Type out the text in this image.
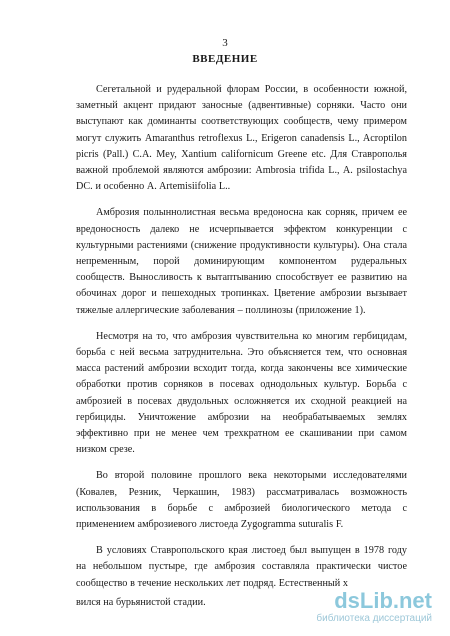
3
ВВЕДЕНИЕ

Сегетальной и рудеральной флорам России, в особенности южной, заметный акцент придают заносные (адвентивные) сорняки. Часто они выступают как доминанты соответствующих сообществ, чему примером могут служить Amaranthus retroflexus L., Erigeron canadensis L., Acroptilon picris (Pall.) C.A. Mey, Xantium californicum Greene etc. Для Ставрополья важной проблемой являются амброзии: Ambrosia trifida L., A. psilostachya DC. и особенно A. Artemisiifolia L..

Амброзия полыннолистная весьма вредоносна как сорняк, причем ее вредоносность далеко не исчерпывается эффектом конкуренции с культурными растениями (снижение продуктивности культуры). Она стала непременным, порой доминирующим компонентом рудеральных сообществ. Выносливость к вытаптыванию способствует ее развитию на обочинах дорог и пешеходных тропинках. Цветение амброзии вызывает тяжелые аллергические заболевания – поллинозы (приложение 1).

Несмотря на то, что амброзия чувствительна ко многим гербицидам, борьба с ней весьма затруднительна. Это объясняется тем, что основная масса растений амброзии всходит тогда, когда закончены все химические обработки против сорняков в посевах однодольных культур. Борьба с амброзией в посевах двудольных осложняется их сходной реакцией на гербициды. Уничтожение амброзии на необрабатываемых землях эффективно при не менее чем трехкратном ее скашивании при самом низком срезе.

Во второй половине прошлого века некоторыми исследователями (Ковалев, Резник, Черкашин, 1983) рассматривалась возможность использования в борьбе с амброзией биологического метода с применением амброзиевого листоеда Zygogramma suturalis F.

В условиях Ставропольского края листоед был выпущен в 1978 году на небольшом пустыре, где амброзия составляла практически чистое сообщество в течение нескольких лет подряд. Естественный х

вился на бурьянистой стадии.	dsLib.net
библиотека диссертаций
